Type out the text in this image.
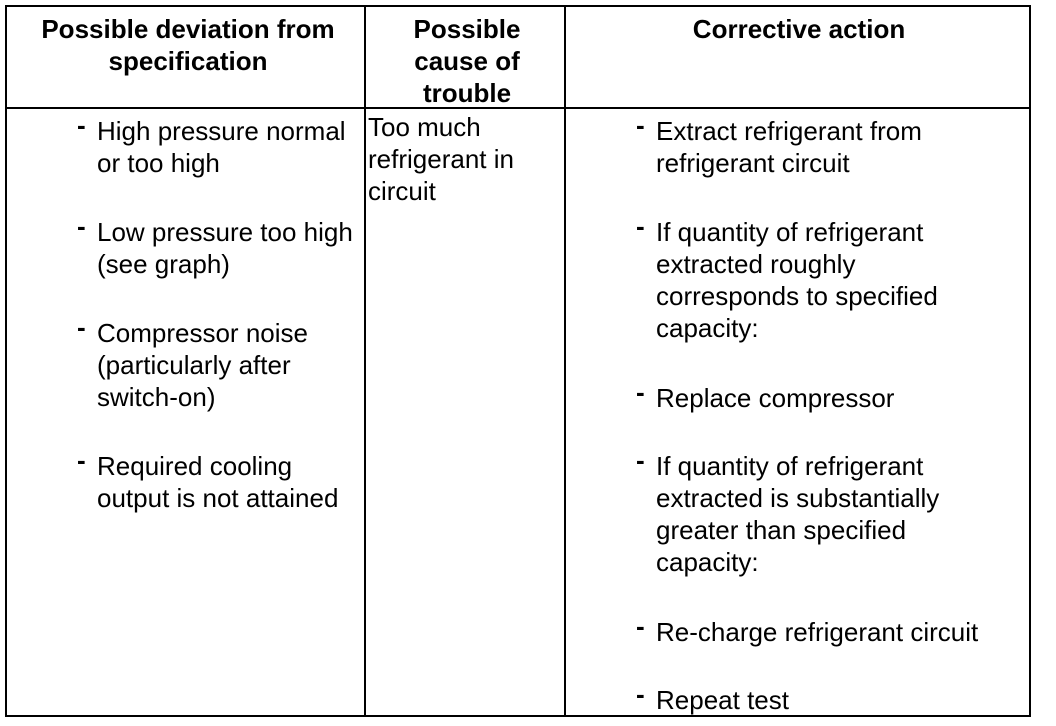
Possible deviation from specification
Possible cause of trouble
Corrective action
- High pressure normal or too high
- Low pressure too high (see graph)
- Compressor noise (particularly after switch-on)
- Required cooling output is not attained
Too much refrigerant in circuit
- Extract refrigerant from refrigerant circuit
- If quantity of refrigerant extracted roughly corresponds to specified capacity:
- Replace compressor
- If quantity of refrigerant extracted is substantially greater than specified capacity:
- Re-charge refrigerant circuit
- Repeat test
